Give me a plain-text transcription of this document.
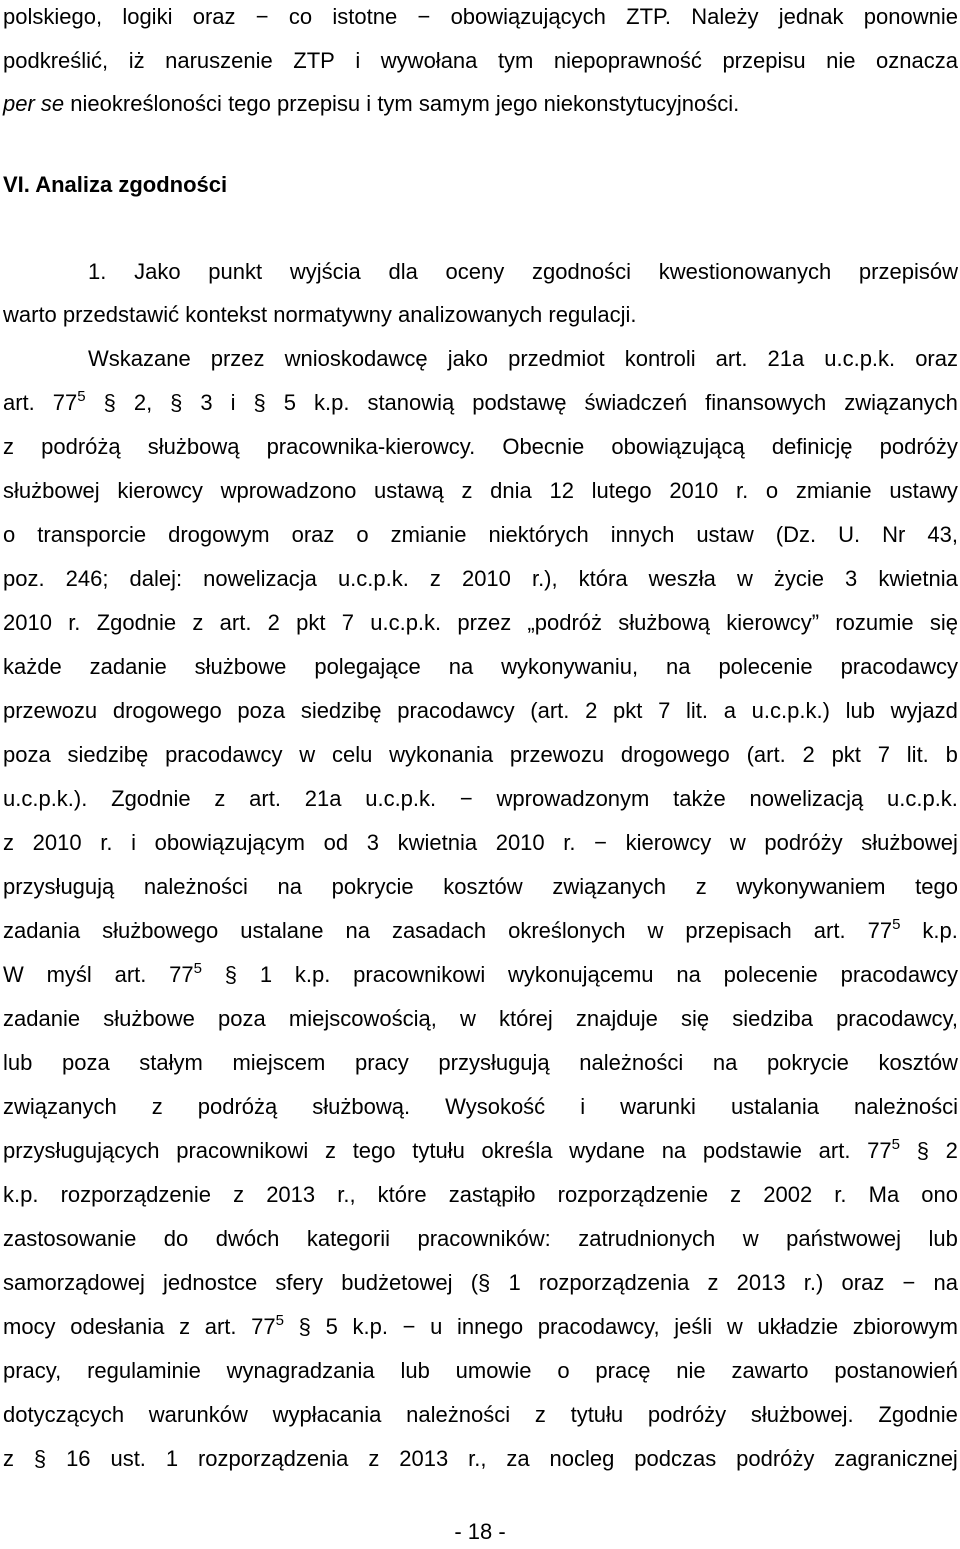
polskiego, logiki oraz − co istotne − obowiązujących ZTP. Należy jednak ponownie
podkreślić, iż naruszenie ZTP i wywołana tym niepoprawność przepisu nie oznacza
per se nieokreśloności tego przepisu i tym samym jego niekonstytucyjności.
VI. Analiza zgodności
1. Jako punkt wyjścia dla oceny zgodności kwestionowanych przepisów
warto przedstawić kontekst normatywny analizowanych regulacji.
Wskazane przez wnioskodawcę jako przedmiot kontroli art. 21a u.c.p.k. oraz
art. $77^5$ § 2, § 3 i § 5 k.p. stanowią podstawę świadczeń finansowych związanych
z podróżą służbową pracownika-kierowcy. Obecnie obowiązującą definicję podróży
służbowej kierowcy wprowadzono ustawą z dnia 12 lutego 2010 r. o zmianie ustawy
o transporcie drogowym oraz o zmianie niektórych innych ustaw (Dz. U. Nr 43,
poz. 246; dalej: nowelizacja u.c.p.k. z 2010 r.), która weszła w życie 3 kwietnia
2010 r. Zgodnie z art. 2 pkt 7 u.c.p.k. przez „podróż służbową kierowcy” rozumie się
każde zadanie służbowe polegające na wykonywaniu, na polecenie pracodawcy
przewozu drogowego poza siedzibę pracodawcy (art. 2 pkt 7 lit. a u.c.p.k.) lub wyjazd
poza siedzibę pracodawcy w celu wykonania przewozu drogowego (art. 2 pkt 7 lit. b
u.c.p.k.). Zgodnie z art. 21a u.c.p.k. − wprowadzonym także nowelizacją u.c.p.k.
z 2010 r. i obowiązującym od 3 kwietnia 2010 r. − kierowcy w podróży służbowej
przysługują należności na pokrycie kosztów związanych z wykonywaniem tego
zadania służbowego ustalane na zasadach określonych w przepisach art. $77^5$ k.p.
W myśl art. $77^5$ § 1 k.p. pracownikowi wykonującemu na polecenie pracodawcy
zadanie służbowe poza miejscowością, w której znajduje się siedziba pracodawcy,
lub poza stałym miejscem pracy przysługują należności na pokrycie kosztów
związanych z podróżą służbową. Wysokość i warunki ustalania należności
przysługujących pracownikowi z tego tytułu określa wydane na podstawie art. $77^5$ § 2
k.p. rozporządzenie z 2013 r., które zastąpiło rozporządzenie z 2002 r. Ma ono
zastosowanie do dwóch kategorii pracowników: zatrudnionych w państwowej lub
samorządowej jednostce sfery budżetowej (§ 1 rozporządzenia z 2013 r.) oraz − na
mocy odesłania z art. $77^5$ § 5 k.p. − u innego pracodawcy, jeśli w układzie zbiorowym
pracy, regulaminie wynagradzania lub umowie o pracę nie zawarto postanowień
dotyczących warunków wypłacania należności z tytułu podróży służbowej. Zgodnie
z § 16 ust. 1 rozporządzenia z 2013 r., za nocleg podczas podróży zagranicznej
- 18 -
